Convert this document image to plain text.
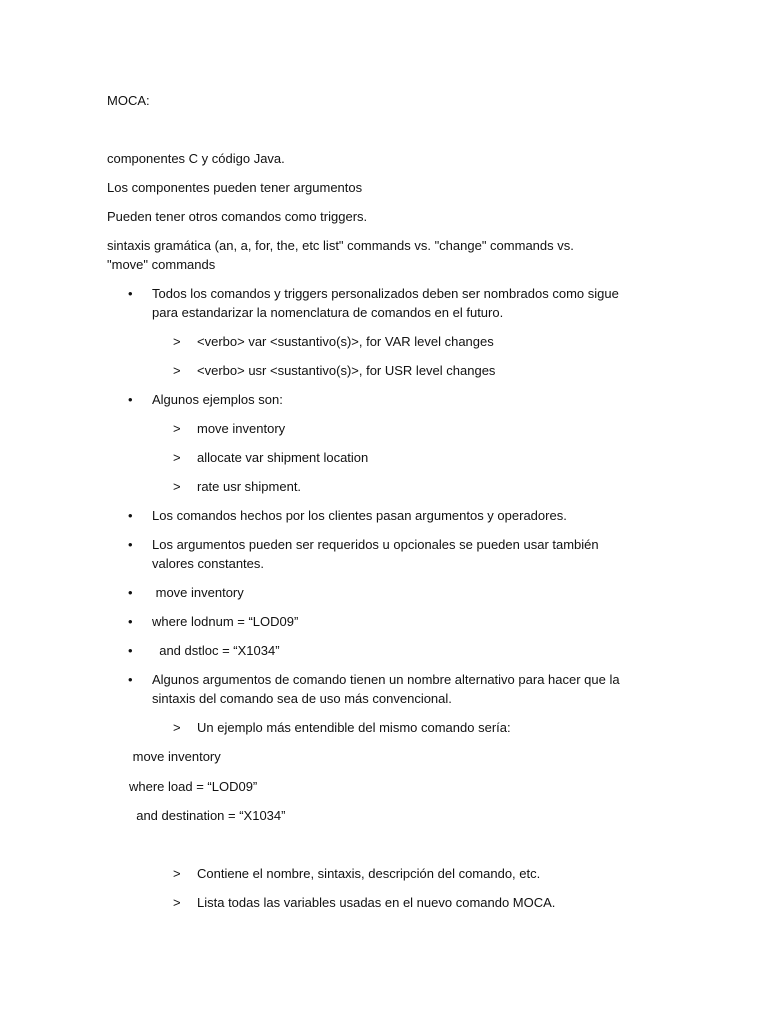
MOCA:
componentes C y código Java.
Los componentes pueden tener argumentos
Pueden tener otros comandos como triggers.
sintaxis gramática (an, a, for, the, etc list" commands vs. "change" commands vs. "move" commands
• Todos los comandos y triggers personalizados deben ser nombrados como sigue para estandarizar la nomenclatura de comandos en el futuro.
> <verbo> var <sustantivo(s)>, for VAR level changes
> <verbo> usr <sustantivo(s)>, for USR level changes
• Algunos ejemplos son:
> move inventory
> allocate var shipment location
> rate usr shipment.
• Los comandos hechos por los clientes pasan argumentos y operadores.
• Los argumentos pueden ser requeridos u opcionales se pueden usar también valores constantes.
• move inventory
• where lodnum = “LOD09”
• and dstloc = “X1034”
• Algunos argumentos de comando tienen un nombre alternativo para hacer que la sintaxis del comando sea de uso más convencional.
> Un ejemplo más entendible del mismo comando sería:
move inventory
where load = “LOD09”
and destination = “X1034”
> Contiene el nombre, sintaxis, descripción del comando, etc.
> Lista todas las variables usadas en el nuevo comando MOCA.
